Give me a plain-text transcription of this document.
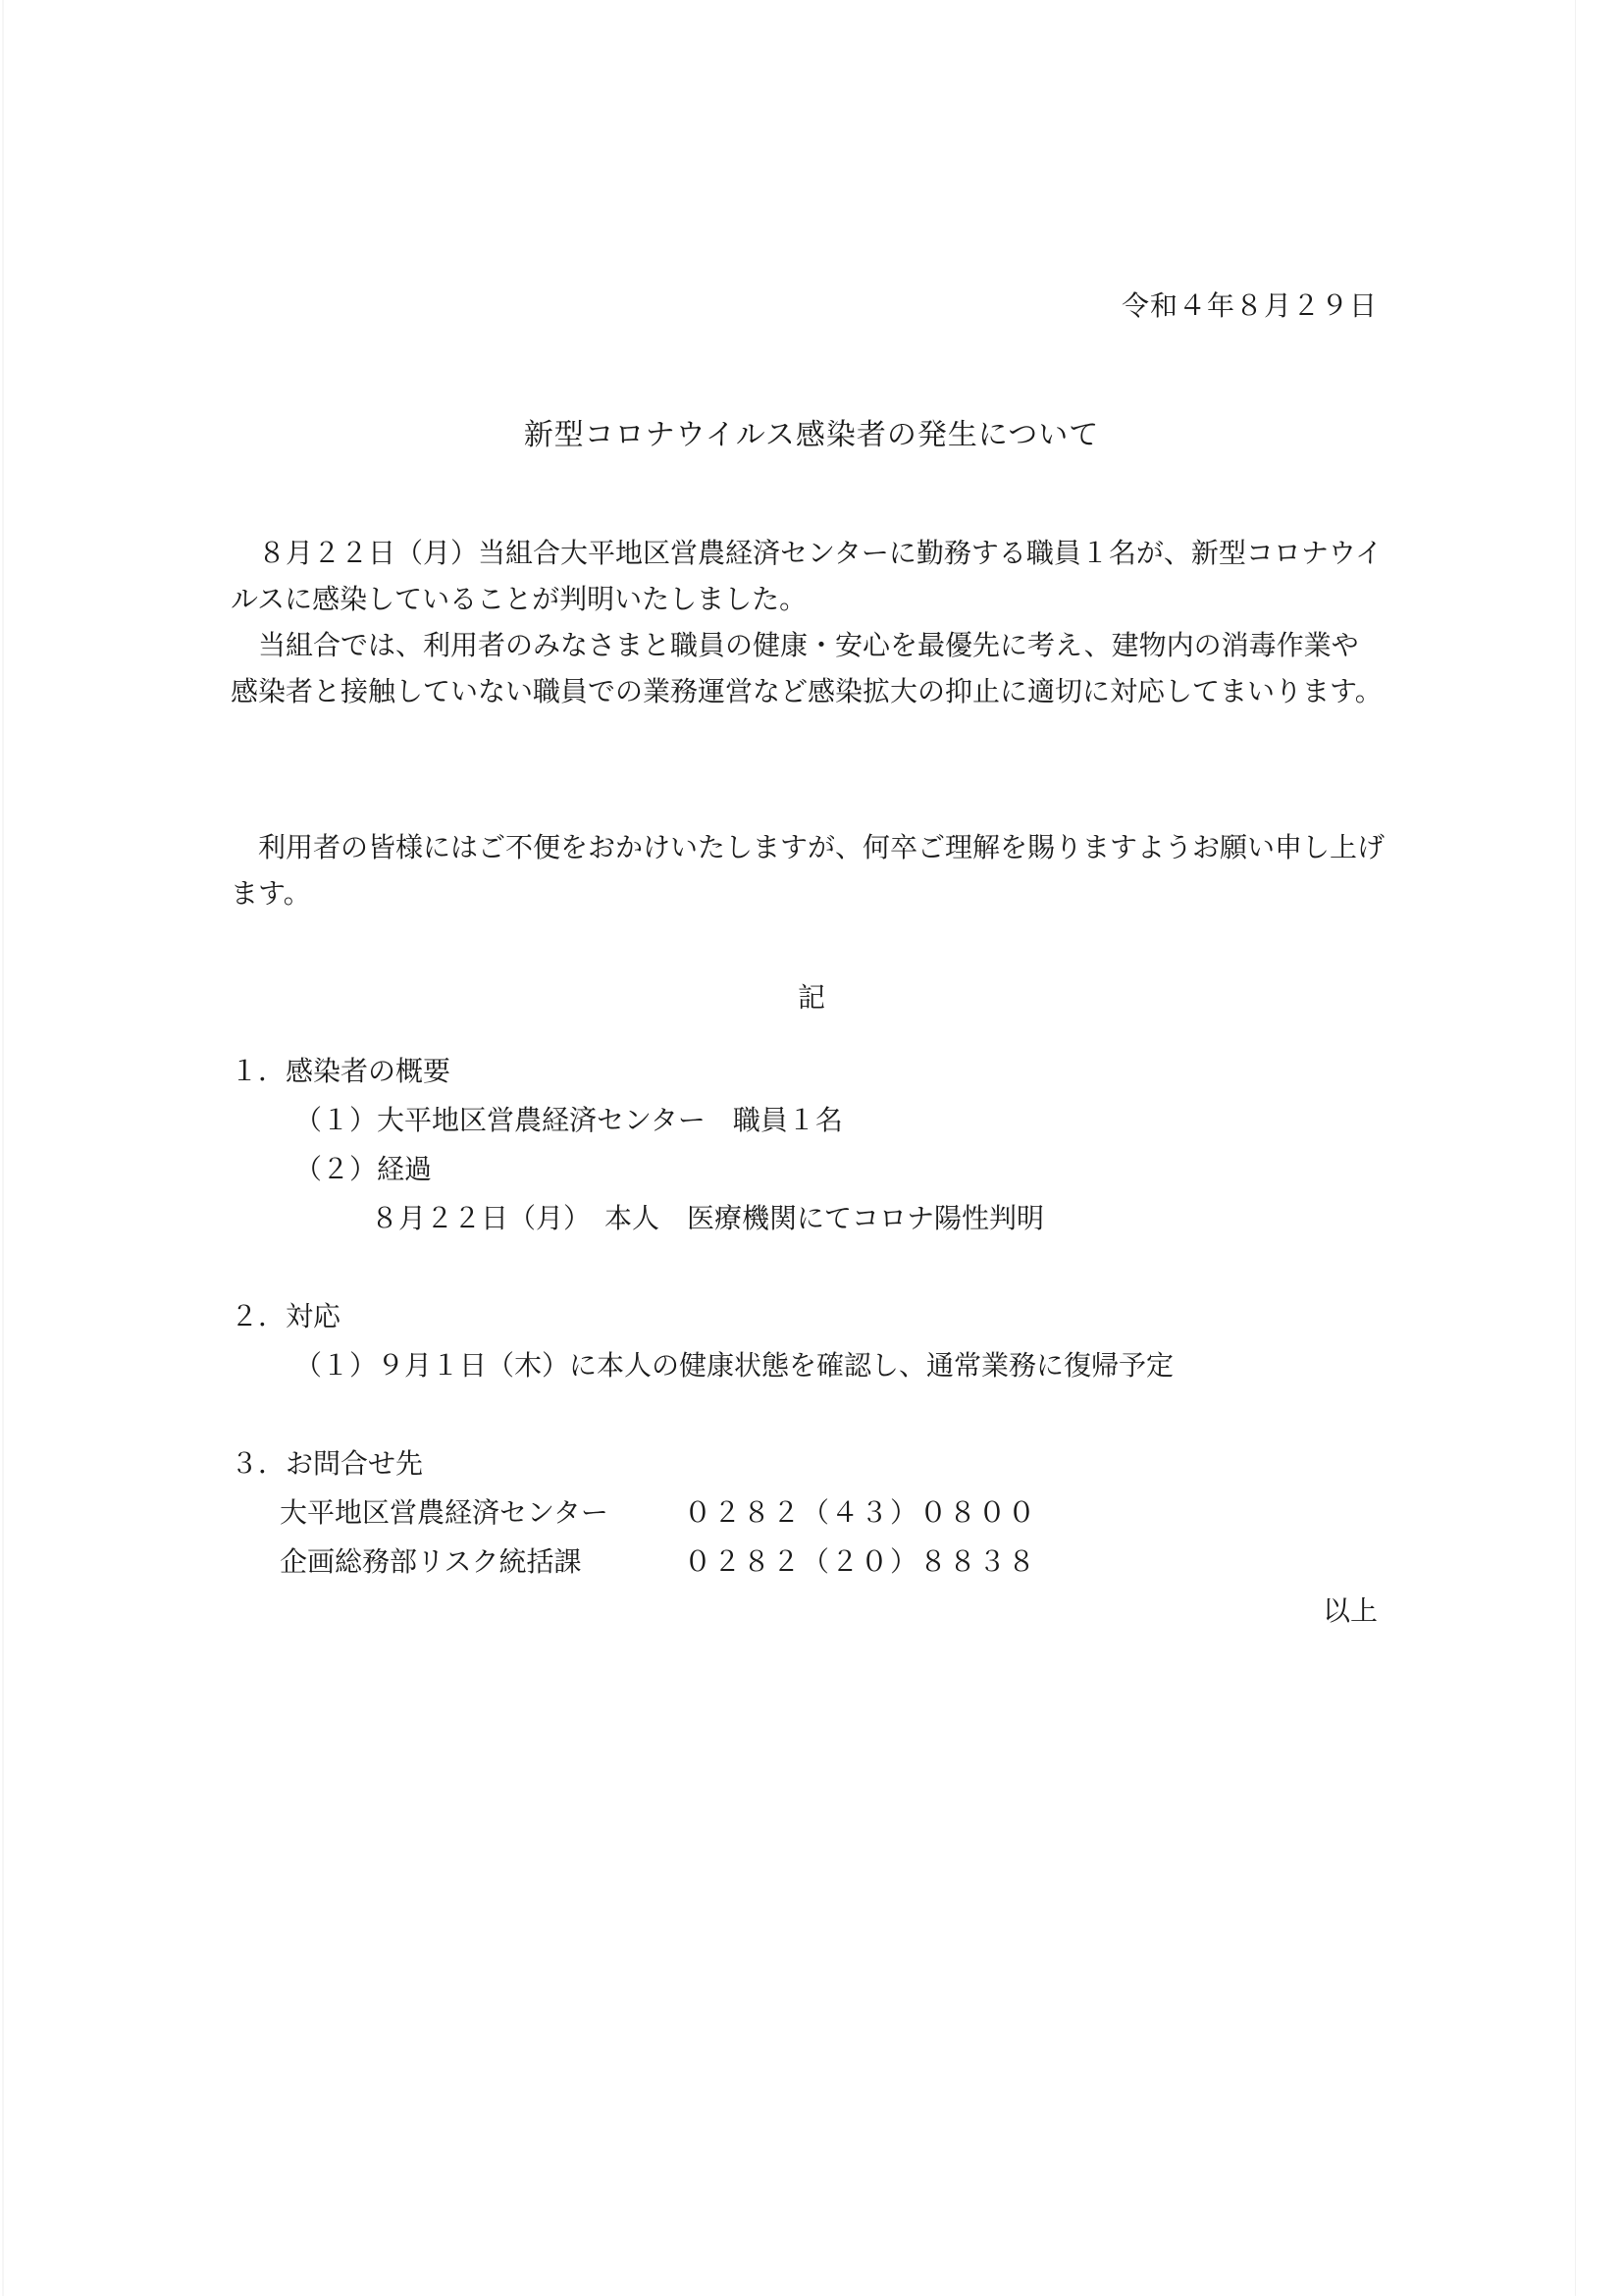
令和４年８月２９日
新型コロナウイルス感染者の発生について

８月２２日（月）当組合大平地区営農経済センターに勤務する職員１名が、新型コロナウイルスに感染していることが判明いたしました。

当組合では、利用者のみなさまと職員の健康・安心を最優先に考え、建物内の消毒作業や感染者と接触していない職員での業務運営など感染拡大の抑止に適切に対応してまいります。

利用者の皆様にはご不便をおかけいたしますが、何卒ご理解を賜りますようお願い申し上げます。

記
１．感染者の概要
（１）大平地区営農経済センター　職員１名
（２）経過
８月２２日（月）　本人　医療機関にてコロナ陽性判明
２．対応
（１）９月１日（木）に本人の健康状態を確認し、通常業務に復帰予定
３．お問合せ先
大平地区営農経済センター	０２８２（４３）０８００
企画総務部リスク統括課	０２８２（２０）８８３８
以上
